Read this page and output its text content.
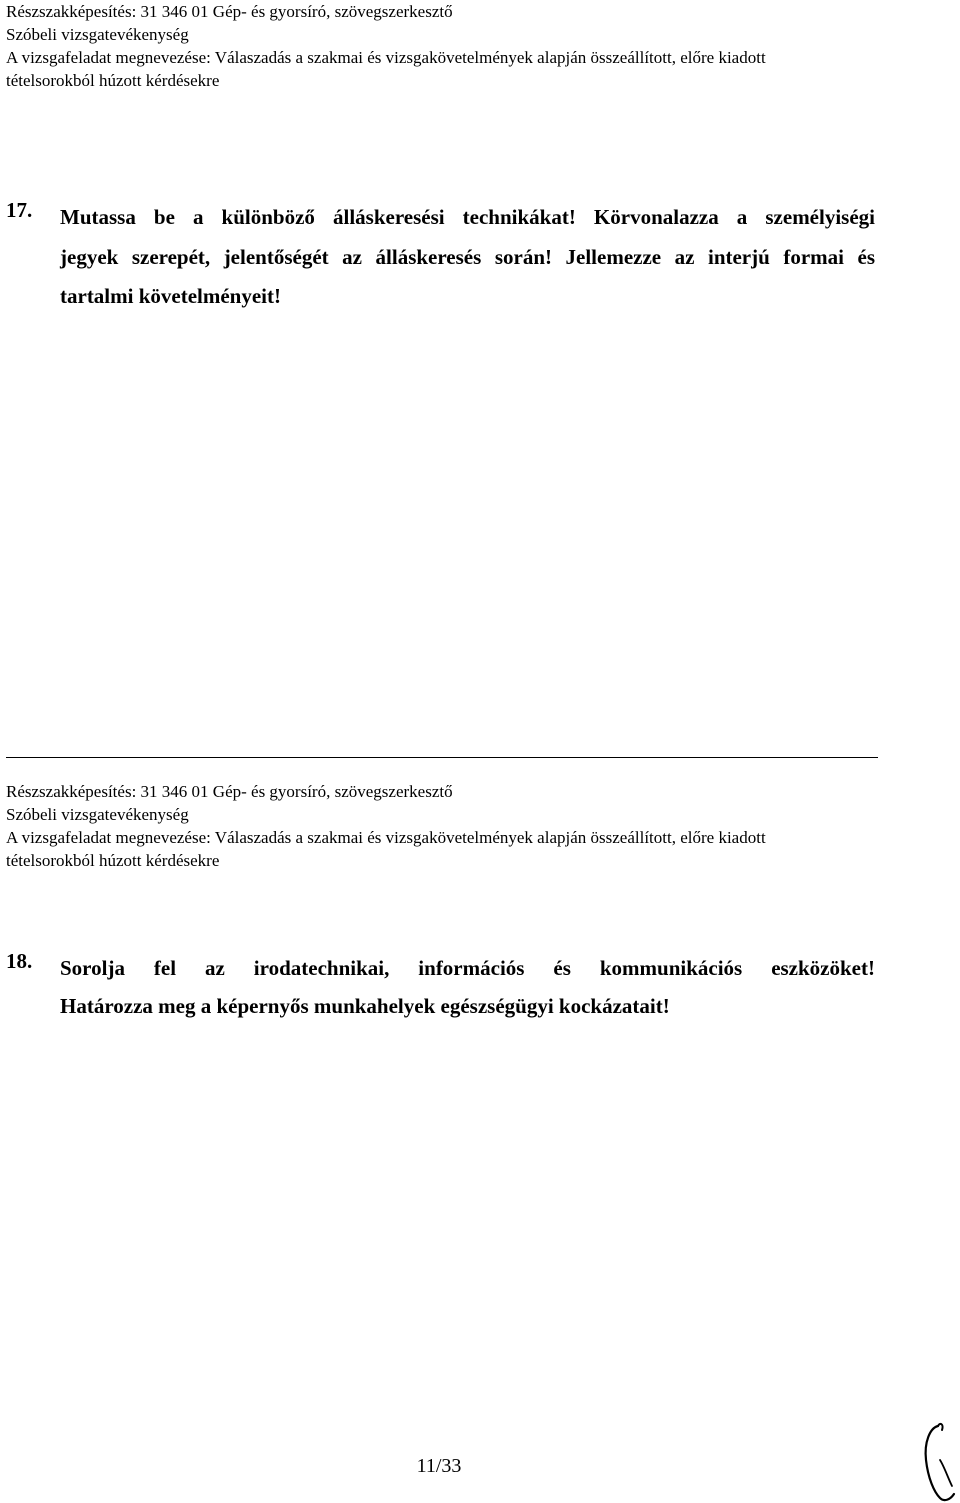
Részszakképesítés: 31 346 01 Gép- és gyorsíró, szövegszerkesztő
Szóbeli vizsgatevékenység
A vizsgafeladat megnevezése: Válaszadás a szakmai és vizsgakövetelmények alapján összeállított, előre kiadott
tételsorokból húzott kérdésekre
17. Mutassa be a különböző álláskeresési technikákat! Körvonalazza a személyiségi
jegyek szerepét, jelentőségét az álláskeresés során! Jellemezze az interjú formai és
tartalmi követelményeit!
Részszakképesítés: 31 346 01 Gép- és gyorsíró, szövegszerkesztő
Szóbeli vizsgatevékenység
A vizsgafeladat megnevezése: Válaszadás a szakmai és vizsgakövetelmények alapján összeállított, előre kiadott
tételsorokból húzott kérdésekre
18. Sorolja fel az irodatechnikai, információs és kommunikációs eszközöket!
Határozza meg a képernyős munkahelyek egészségügyi kockázatait!
11/33
